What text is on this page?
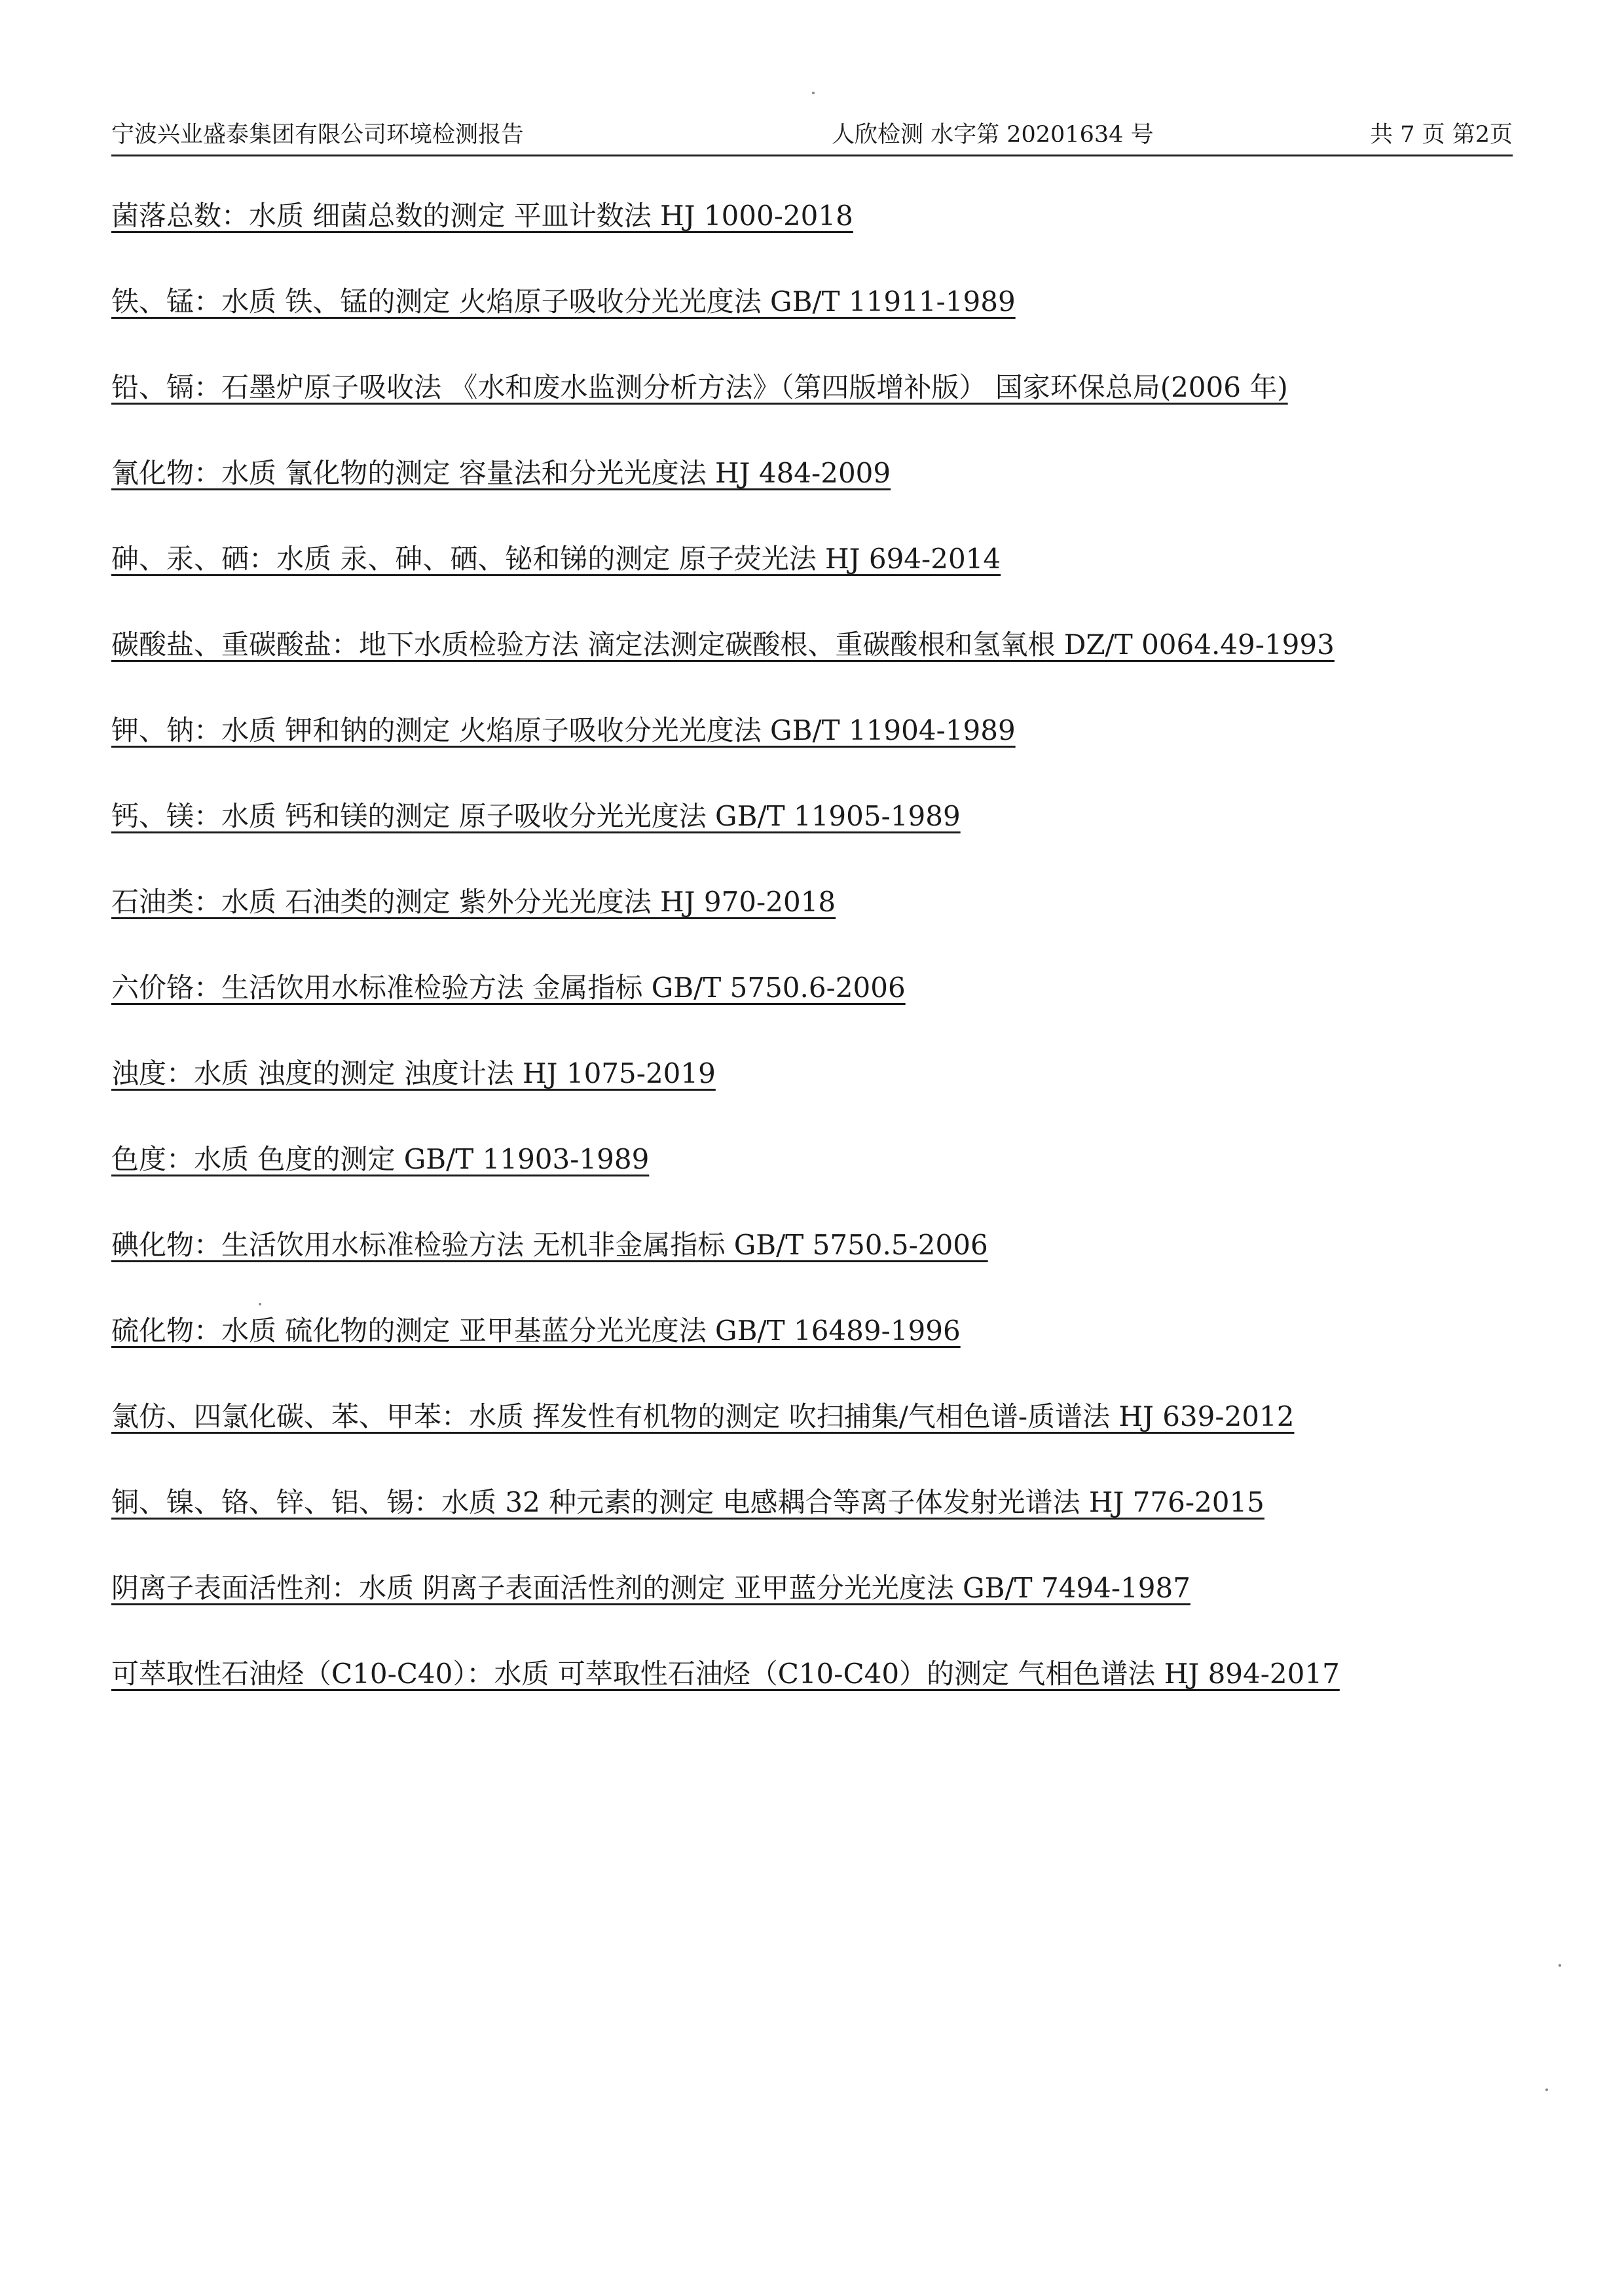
宁波兴业盛泰集团有限公司环境检测报告	人欣检测 水字第 20201634 号	共 7 页 第2页
菌落总数：水质 细菌总数的测定 平皿计数法 HJ 1000-2018
铁、锰：水质 铁、锰的测定 火焰原子吸收分光光度法 GB/T 11911-1989
铅、镉：石墨炉原子吸收法 《水和废水监测分析方法》（第四版增补版） 国家环保总局(2006 年)
氰化物：水质 氰化物的测定 容量法和分光光度法 HJ 484-2009
砷、汞、硒：水质 汞、砷、硒、铋和锑的测定 原子荧光法 HJ 694-2014
碳酸盐、重碳酸盐：地下水质检验方法 滴定法测定碳酸根、重碳酸根和氢氧根 DZ/T 0064.49-1993
钾、钠：水质 钾和钠的测定 火焰原子吸收分光光度法 GB/T 11904-1989
钙、镁：水质 钙和镁的测定 原子吸收分光光度法 GB/T 11905-1989
石油类：水质 石油类的测定 紫外分光光度法 HJ 970-2018
六价铬：生活饮用水标准检验方法 金属指标 GB/T 5750.6-2006
浊度：水质 浊度的测定 浊度计法 HJ 1075-2019
色度：水质 色度的测定 GB/T 11903-1989
碘化物：生活饮用水标准检验方法 无机非金属指标 GB/T 5750.5-2006
硫化物：水质 硫化物的测定 亚甲基蓝分光光度法 GB/T 16489-1996
氯仿、四氯化碳、苯、甲苯：水质 挥发性有机物的测定 吹扫捕集/气相色谱-质谱法 HJ 639-2012
铜、镍、铬、锌、铝、锡：水质 32 种元素的测定 电感耦合等离子体发射光谱法 HJ 776-2015
阴离子表面活性剂：水质 阴离子表面活性剂的测定 亚甲蓝分光光度法 GB/T 7494-1987
可萃取性石油烃（C10-C40）：水质 可萃取性石油烃（C10-C40）的测定 气相色谱法 HJ 894-2017
